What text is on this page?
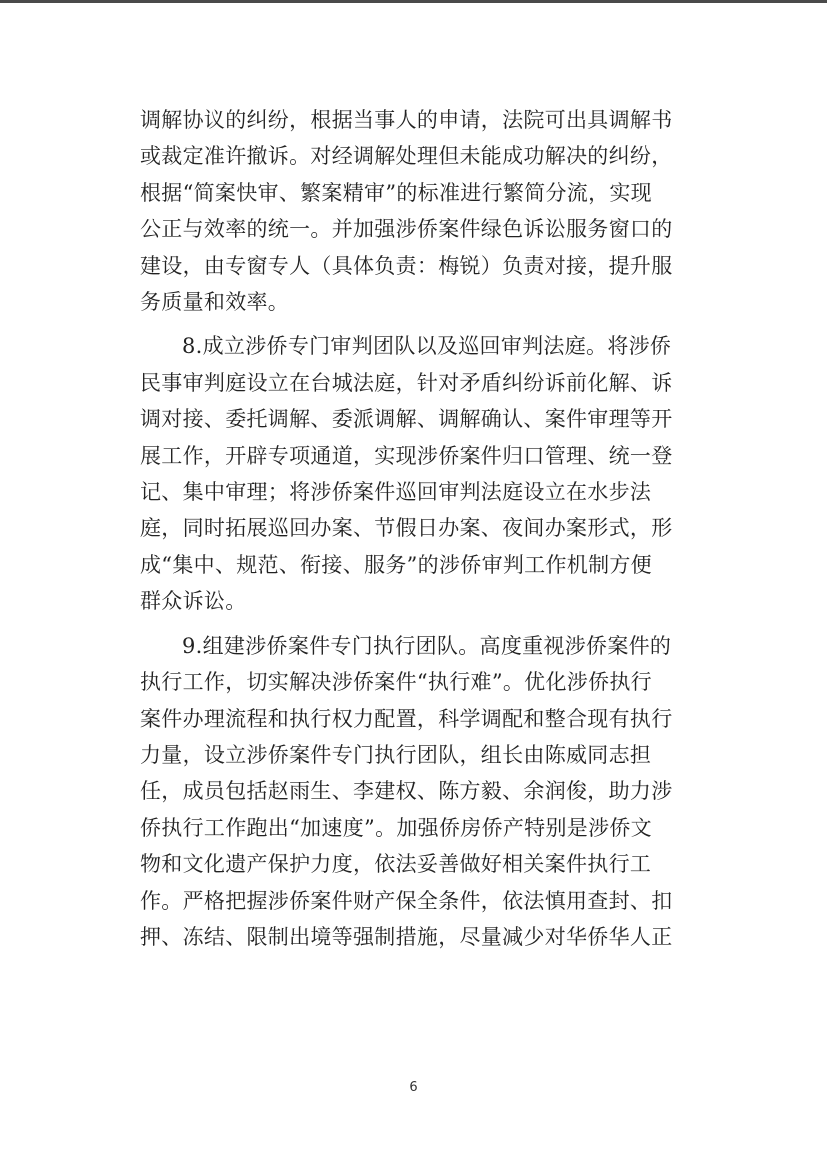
调解协议的纠纷，根据当事人的申请，法院可出具调解书
或裁定准许撤诉。对经调解处理但未能成功解决的纠纷，
根据“简案快审、繁案精审”的标准进行繁简分流，实现
公正与效率的统一。并加强涉侨案件绿色诉讼服务窗口的
建设，由专窗专人（具体负责：梅锐）负责对接，提升服
务质量和效率。

8.成立涉侨专门审判团队以及巡回审判法庭。将涉侨
民事审判庭设立在台城法庭，针对矛盾纠纷诉前化解、诉
调对接、委托调解、委派调解、调解确认、案件审理等开
展工作，开辟专项通道，实现涉侨案件归口管理、统一登
记、集中审理；将涉侨案件巡回审判法庭设立在水步法
庭，同时拓展巡回办案、节假日办案、夜间办案形式，形
成“集中、规范、衔接、服务”的涉侨审判工作机制方便
群众诉讼。

9.组建涉侨案件专门执行团队。高度重视涉侨案件的
执行工作，切实解决涉侨案件“执行难”。优化涉侨执行
案件办理流程和执行权力配置，科学调配和整合现有执行
力量，设立涉侨案件专门执行团队，组长由陈威同志担
任，成员包括赵雨生、李建权、陈方毅、余润俊，助力涉
侨执行工作跑出“加速度”。加强侨房侨产特别是涉侨文
物和文化遗产保护力度，依法妥善做好相关案件执行工
作。严格把握涉侨案件财产保全条件，依法慎用查封、扣
押、冻结、限制出境等强制措施，尽量减少对华侨华人正

6
